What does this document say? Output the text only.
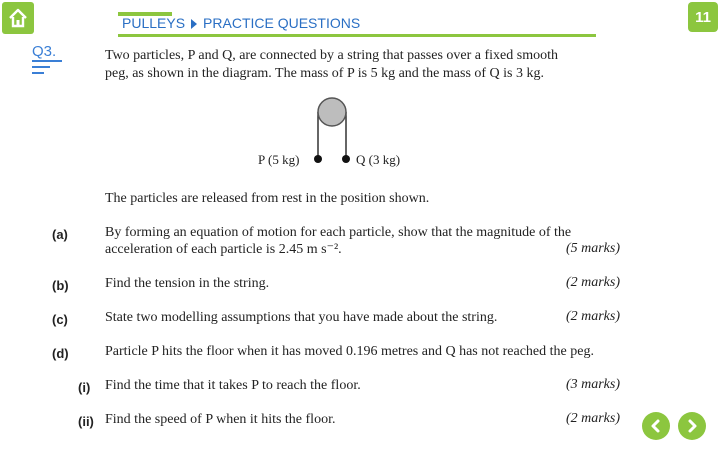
PULLEYS PRACTICE QUESTIONS	11
Q3.	Two particles, P and Q, are connected by a string that passes over a fixed smooth
peg, as shown in the diagram. The mass of P is 5 kg and the mass of Q is 3 kg.
P (5 kg)	Q (3 kg)
The particles are released from rest in the position shown.
(a)	By forming an equation of motion for each particle, show that the magnitude of the
acceleration of each particle is 2.45 m s⁻².	(5 marks)
(b)	Find the tension in the string.	(2 marks)
(c)	State two modelling assumptions that you have made about the string.	(2 marks)
(d)	Particle P hits the floor when it has moved 0.196 metres and Q has not reached the peg.
(i) Find the time that it takes P to reach the floor.	(3 marks)
(ii) Find the speed of P when it hits the floor.	(2 marks)
